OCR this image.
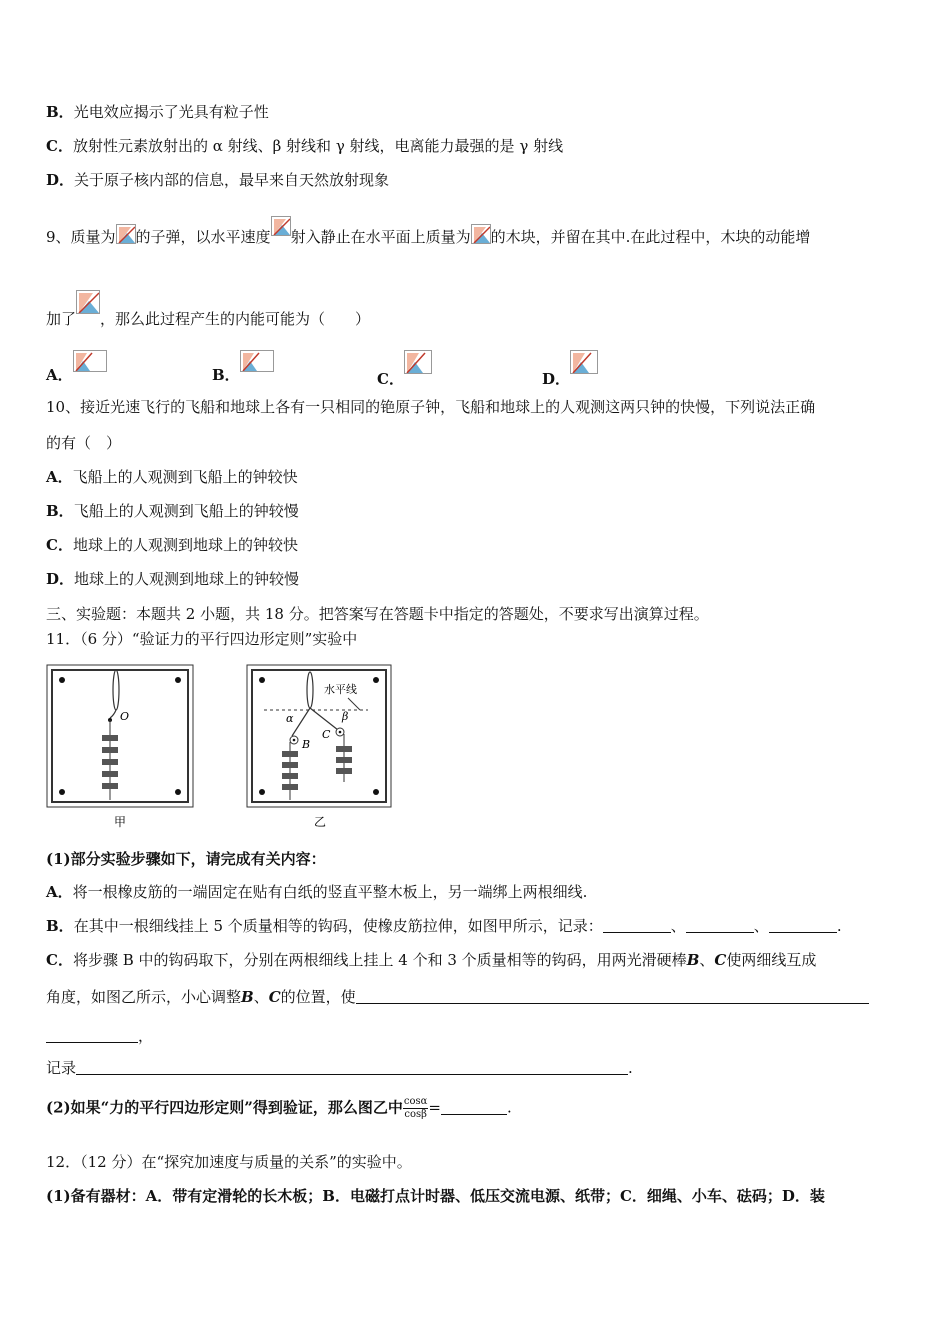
B．光电效应揭示了光具有粒子性
C．放射性元素放射出的 α 射线、β 射线和 γ 射线，电离能力最强的是 γ 射线
D．关于原子核内部的信息，最早来自天然放射现象
9、质量为 的子弹，以水平速度 射入静止在水平面上质量为 的木块，并留在其中.在此过程中，木块的动能增
加了 ，那么此过程产生的内能可能为（　　）
A．	B．	C．	D．
10、接近光速飞行的飞船和地球上各有一只相同的铯原子钟，飞船和地球上的人观测这两只钟的快慢，下列说法正确
的有（　）
A．飞船上的人观测到飞船上的钟较快
B．飞船上的人观测到飞船上的钟较慢
C．地球上的人观测到地球上的钟较快
D．地球上的人观测到地球上的钟较慢
三、实验题：本题共 2 小题，共 18 分。把答案写在答题卡中指定的答题处，不要求写出演算过程。
11．（6 分）“验证力的平行四边形定则”实验中
O
甲
水平线
α	β
B
C
乙
(1)部分实验步骤如下，请完成有关内容：
A．将一根橡皮筋的一端固定在贴有白纸的竖直平整木板上，另一端绑上两根细线.
B．在其中一根细线挂上 5 个质量相等的钩码，使橡皮筋拉伸，如图甲所示，记录：	、	、	.
C．将步骤 B 中的钩码取下，分别在两根细线上挂上 4 个和 3 个质量相等的钩码，用两光滑硬棒B、C使两细线互成
角度，如图乙所示，小心调整B、C的位置，使
，
记录	.
(2)如果“力的平行四边形定则”得到验证，那么图乙中 $\frac{\cos\alpha}{\cos\beta}$ =	.
12．（12 分）在“探究加速度与质量的关系”的实验中。
(1)备有器材：A．带有定滑轮的长木板；B．电磁打点计时器、低压交流电源、纸带；C．细绳、小车、砝码；D．装
